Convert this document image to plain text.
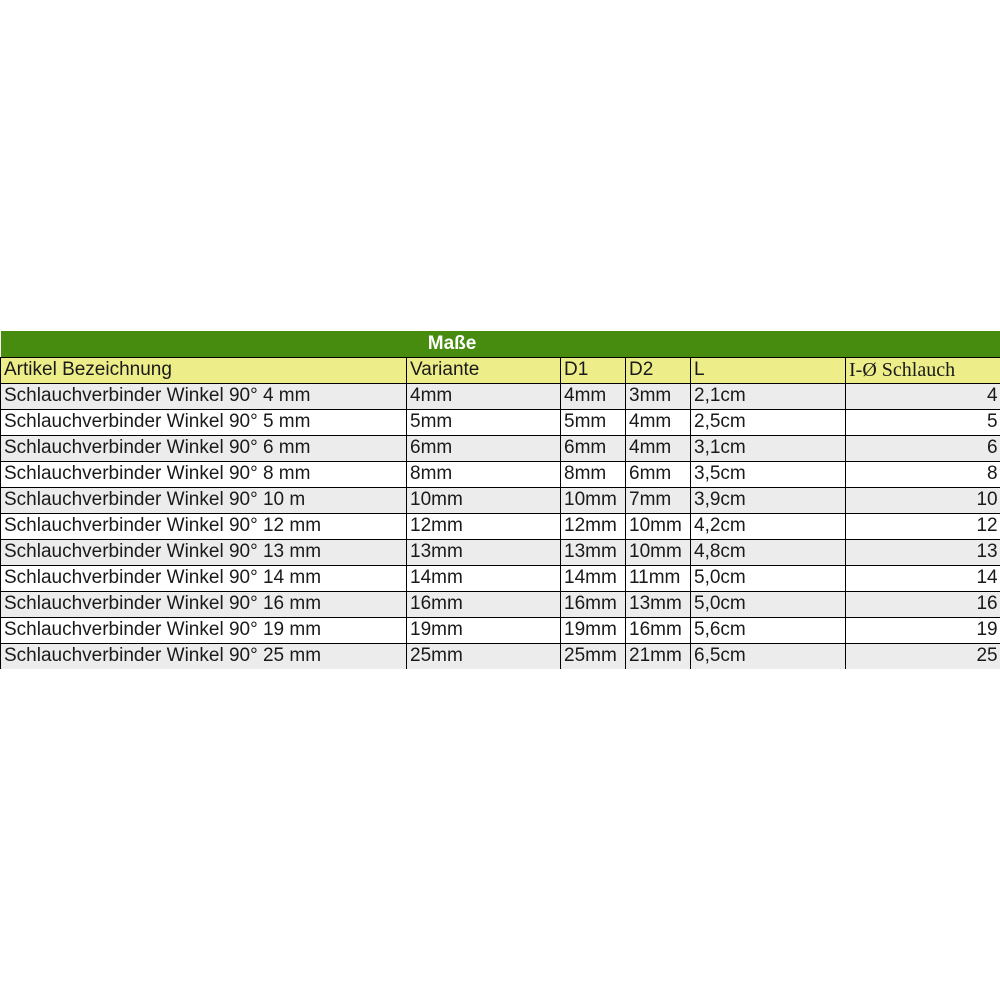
Maße					
Artikel Bezeichnung	Variante	D1	D2	L	I-Ø Schlauch
Schlauchverbinder Winkel 90° 4 mm	4mm	4mm	3mm	2,1cm	4
Schlauchverbinder Winkel 90° 5 mm	5mm	5mm	4mm	2,5cm	5
Schlauchverbinder Winkel 90° 6 mm	6mm	6mm	4mm	3,1cm	6
Schlauchverbinder Winkel 90° 8 mm	8mm	8mm	6mm	3,5cm	8
Schlauchverbinder Winkel 90° 10 m	10mm	10mm	7mm	3,9cm	10
Schlauchverbinder Winkel 90° 12 mm	12mm	12mm	10mm	4,2cm	12
Schlauchverbinder Winkel 90° 13 mm	13mm	13mm	10mm	4,8cm	13
Schlauchverbinder Winkel 90° 14 mm	14mm	14mm	11mm	5,0cm	14
Schlauchverbinder Winkel 90° 16 mm	16mm	16mm	13mm	5,0cm	16
Schlauchverbinder Winkel 90° 19 mm	19mm	19mm	16mm	5,6cm	19
Schlauchverbinder Winkel 90° 25 mm	25mm	25mm	21mm	6,5cm	25
